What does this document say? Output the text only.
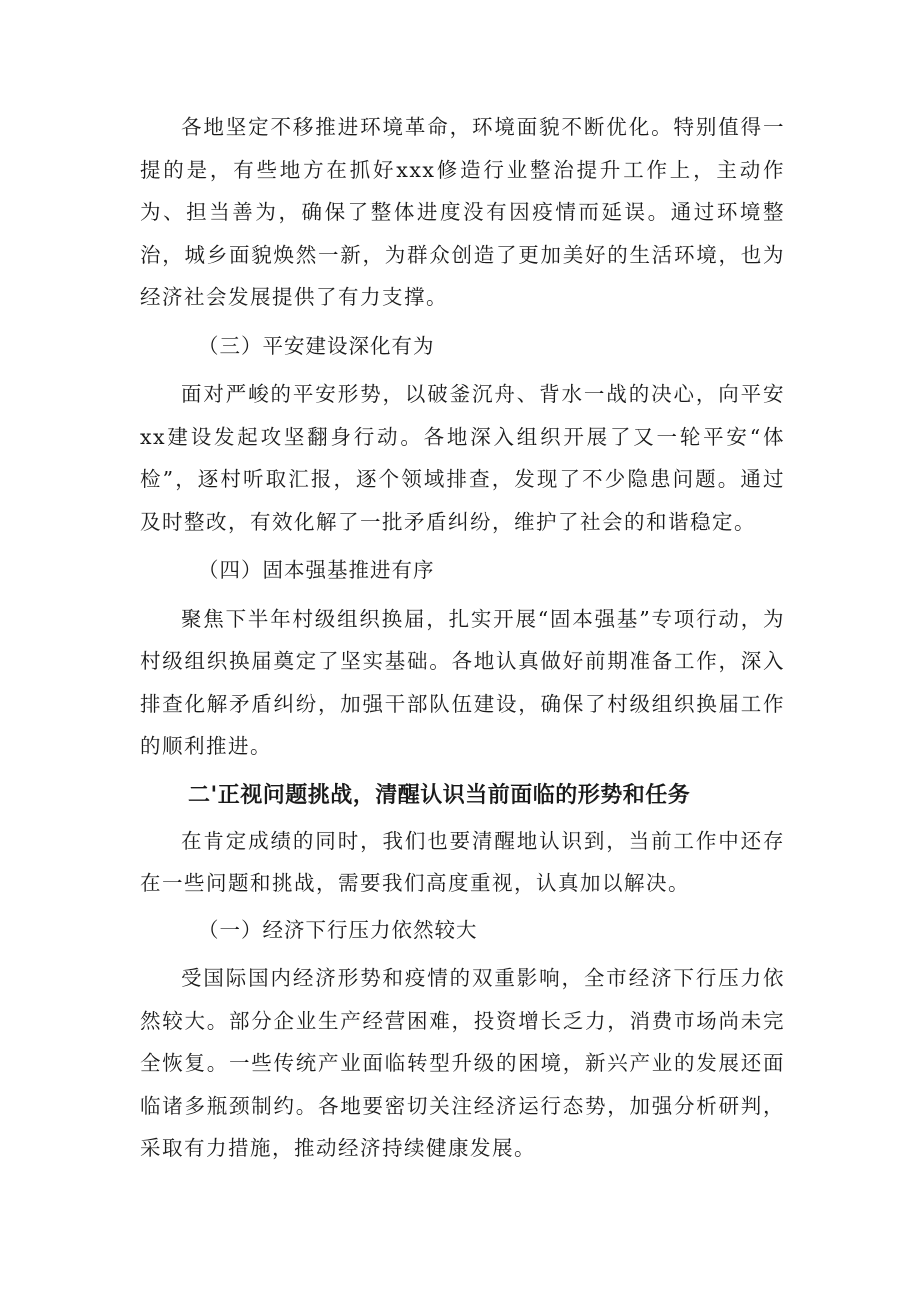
各地坚定不移推进环境革命，环境面貌不断优化。特别值得一提的是，有些地方在抓好xxx修造行业整治提升工作上，主动作为、担当善为，确保了整体进度没有因疫情而延误。通过环境整治，城乡面貌焕然一新，为群众创造了更加美好的生活环境，也为经济社会发展提供了有力支撑。

（三）平安建设深化有为

面对严峻的平安形势，以破釜沉舟、背水一战的决心，向平安xx建设发起攻坚翻身行动。各地深入组织开展了又一轮平安“体检”，逐村听取汇报，逐个领域排查，发现了不少隐患问题。通过及时整改，有效化解了一批矛盾纠纷，维护了社会的和谐稳定。

（四）固本强基推进有序

聚焦下半年村级组织换届，扎实开展“固本强基”专项行动，为村级组织换届奠定了坚实基础。各地认真做好前期准备工作，深入排查化解矛盾纠纷，加强干部队伍建设，确保了村级组织换届工作的顺利推进。

二'正视问题挑战，清醒认识当前面临的形势和任务

在肯定成绩的同时，我们也要清醒地认识到，当前工作中还存在一些问题和挑战，需要我们高度重视，认真加以解决。

（一）经济下行压力依然较大

受国际国内经济形势和疫情的双重影响，全市经济下行压力依然较大。部分企业生产经营困难，投资增长乏力，消费市场尚未完全恢复。一些传统产业面临转型升级的困境，新兴产业的发展还面临诸多瓶颈制约。各地要密切关注经济运行态势，加强分析研判，采取有力措施，推动经济持续健康发展。
